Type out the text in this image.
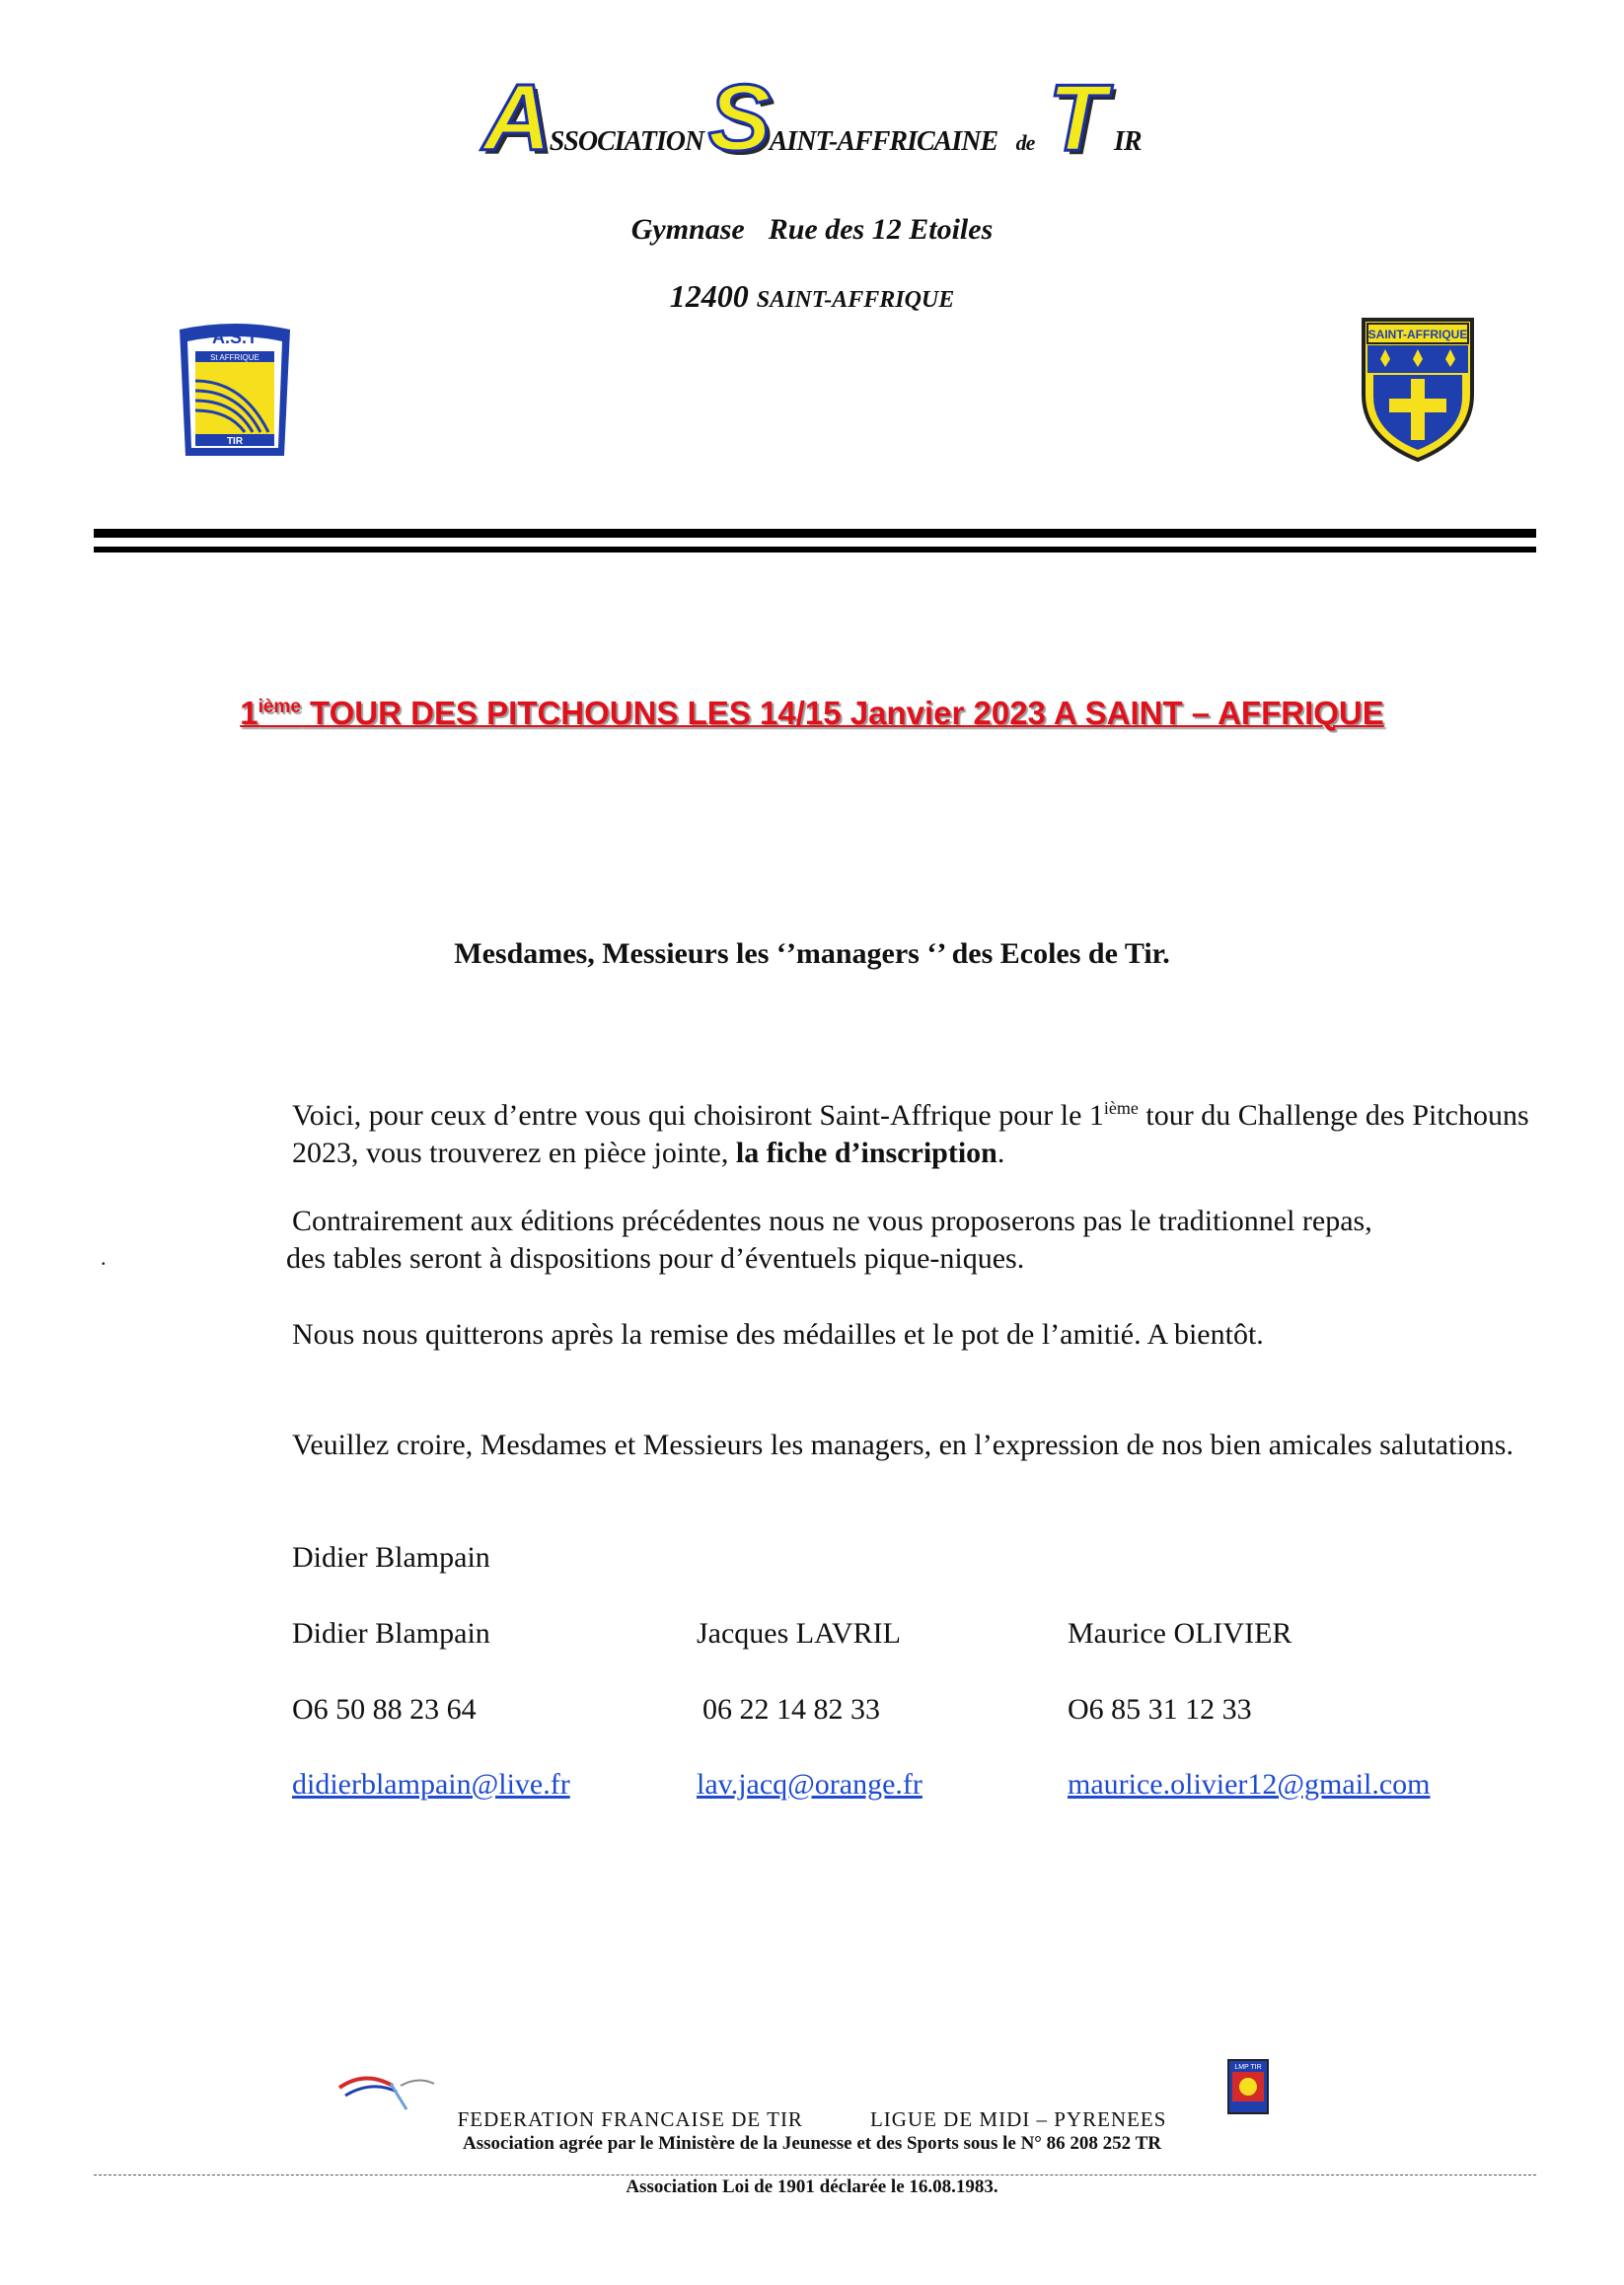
ASSOCIATION SAINT-AFFRICAINE de T IR
Gymnase Rue des 12 Etoiles
12400 SAINT-AFFRIQUE
A.S.T
St AFFRIQUE
TIR
SAINT-AFFRIQUE
1ième TOUR DES PITCHOUNS LES 14/15 Janvier 2023 A SAINT – AFFRIQUE
Mesdames, Messieurs les ‘’managers ‘’ des Ecoles de Tir.
Voici, pour ceux d’entre vous qui choisiront Saint-Affrique pour le 1ième tour du Challenge des Pitchouns 2023, vous trouverez en pièce jointe, la fiche d’inscription.
Contrairement aux éditions précédentes nous ne vous proposerons pas le traditionnel repas,
des tables seront à dispositions pour d’éventuels pique-niques.
.
Nous nous quitterons après la remise des médailles et le pot de l’amitié. A bientôt.
Veuillez croire, Mesdames et Messieurs les managers, en l’expression de nos bien amicales salutations.
Didier Blampain
Didier Blampain	Jacques LAVRIL	Maurice OLIVIER
O6 50 88 23 64	06 22 14 82 33	O6 85 31 12 33
didierblampain@live.fr	lav.jacq@orange.fr	maurice.olivier12@gmail.com
LMP TIR
FEDERATION FRANCAISE DE TIR	LIGUE DE MIDI – PYRENEES
Association agrée par le Ministère de la Jeunesse et des Sports sous le N° 86 208 252 TR
Association Loi de 1901 déclarée le 16.08.1983.
